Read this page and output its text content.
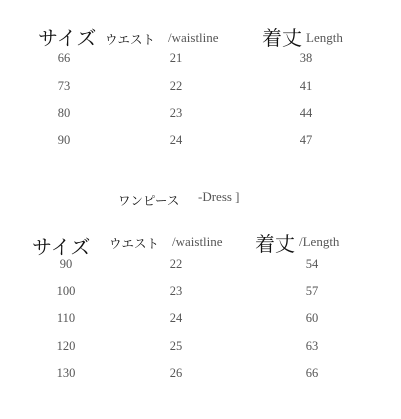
サイズ ウエスト /waistline 着丈 Length
66	21	38
73	22	41
80	23	44
90	24	47
ワンピース -Dress ]
サイズ ウエスト /waistline 着丈 /Length
90	22	54
100	23	57
110	24	60
120	25	63
130	26	66
